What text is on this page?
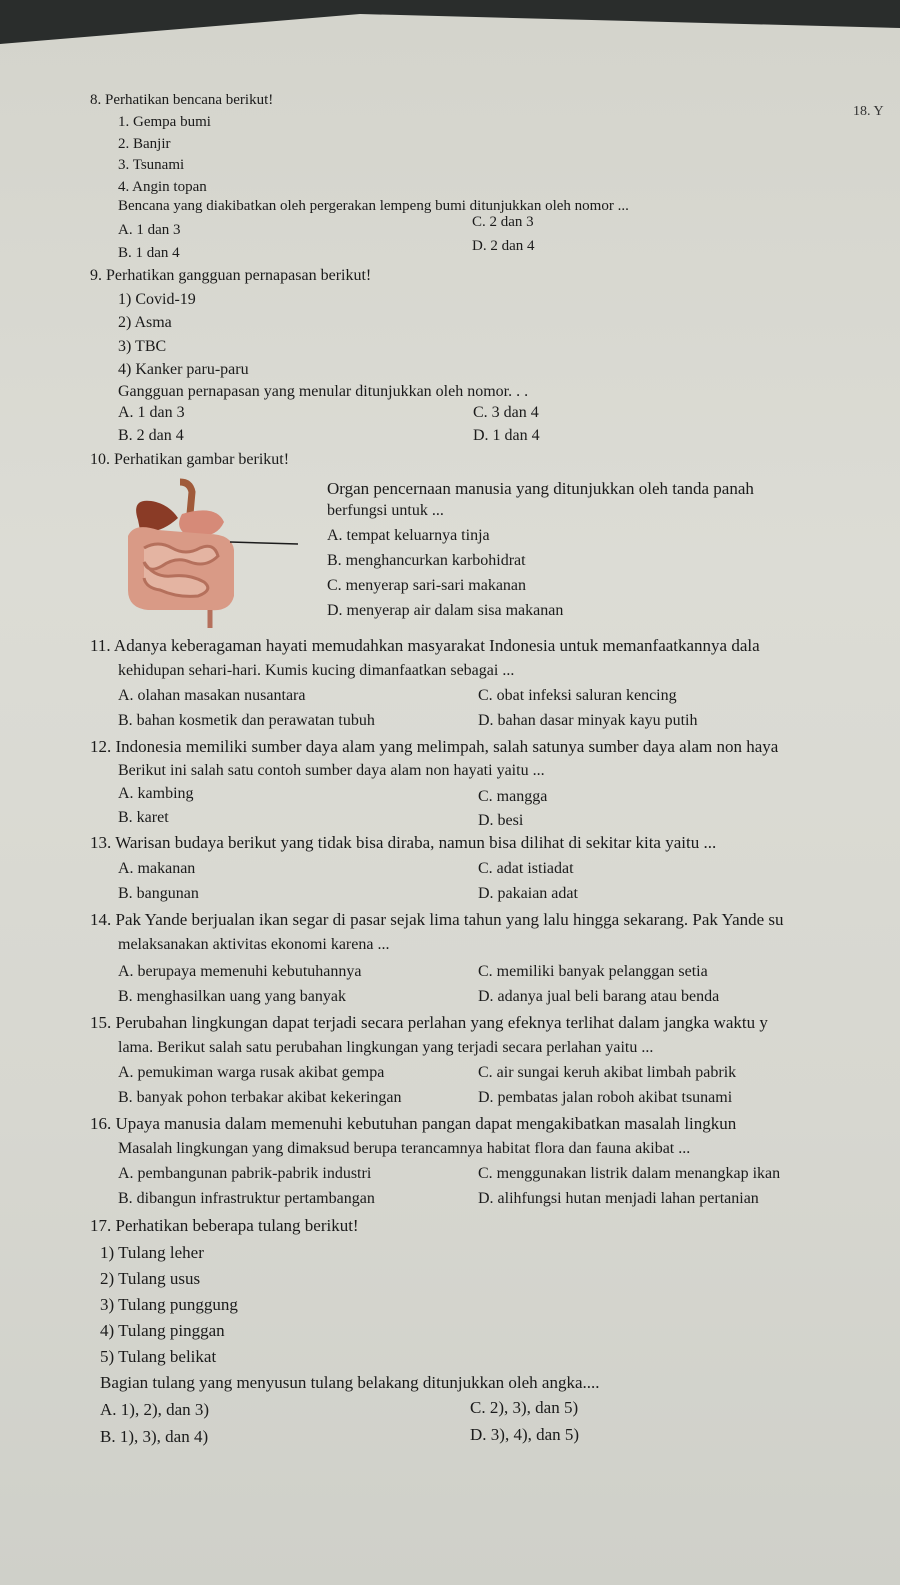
18. Y
8. Perhatikan bencana berikut!
1. Gempa bumi
2. Banjir
3. Tsunami
4. Angin topan
Bencana yang diakibatkan oleh pergerakan lempeng bumi ditunjukkan oleh nomor ...
A. 1 dan 3	C. 2 dan 3
B. 1 dan 4	D. 2 dan 4
9. Perhatikan gangguan pernapasan berikut!
1) Covid-19
2) Asma
3) TBC
4) Kanker paru-paru
Gangguan pernapasan yang menular ditunjukkan oleh nomor. . .
A. 1 dan 3	C. 3 dan 4
B. 2 dan 4	D. 1 dan 4
10. Perhatikan gambar berikut!
Organ pencernaan manusia yang ditunjukkan oleh tanda panah
berfungsi untuk ...
A. tempat keluarnya tinja
B. menghancurkan karbohidrat
C. menyerap sari-sari makanan
D. menyerap air dalam sisa makanan
11. Adanya keberagaman hayati memudahkan masyarakat Indonesia untuk memanfaatkannya dala
kehidupan sehari-hari. Kumis kucing dimanfaatkan sebagai ...
A. olahan masakan nusantara	C. obat infeksi saluran kencing
B. bahan kosmetik dan perawatan tubuh	D. bahan dasar minyak kayu putih
12. Indonesia memiliki sumber daya alam yang melimpah, salah satunya sumber daya alam non haya
Berikut ini salah satu contoh sumber daya alam non hayati yaitu ...
A. kambing	C. mangga
B. karet	D. besi
13. Warisan budaya berikut yang tidak bisa diraba, namun bisa dilihat di sekitar kita yaitu ...
A. makanan	C. adat istiadat
B. bangunan	D. pakaian adat
14. Pak Yande berjualan ikan segar di pasar sejak lima tahun yang lalu hingga sekarang. Pak Yande su
melaksanakan aktivitas ekonomi karena ...
A. berupaya memenuhi kebutuhannya	C. memiliki banyak pelanggan setia
B. menghasilkan uang yang banyak	D. adanya jual beli barang atau benda
15. Perubahan lingkungan dapat terjadi secara perlahan yang efeknya terlihat dalam jangka waktu y
lama. Berikut salah satu perubahan lingkungan yang terjadi secara perlahan yaitu ...
A. pemukiman warga rusak akibat gempa	C. air sungai keruh akibat limbah pabrik
B. banyak pohon terbakar akibat kekeringan	D. pembatas jalan roboh akibat tsunami
16. Upaya manusia dalam memenuhi kebutuhan pangan dapat mengakibatkan masalah lingkun
Masalah lingkungan yang dimaksud berupa terancamnya habitat flora dan fauna akibat ...
A. pembangunan pabrik-pabrik industri	C. menggunakan listrik dalam menangkap ikan
B. dibangun infrastruktur pertambangan	D. alihfungsi hutan menjadi lahan pertanian
17. Perhatikan beberapa tulang berikut!
1) Tulang leher
2) Tulang usus
3) Tulang punggung
4) Tulang pinggan
5) Tulang belikat
Bagian tulang yang menyusun tulang belakang ditunjukkan oleh angka....
A. 1), 2), dan 3)	C. 2), 3), dan 5)
B. 1), 3), dan 4)	D. 3), 4), dan 5)
